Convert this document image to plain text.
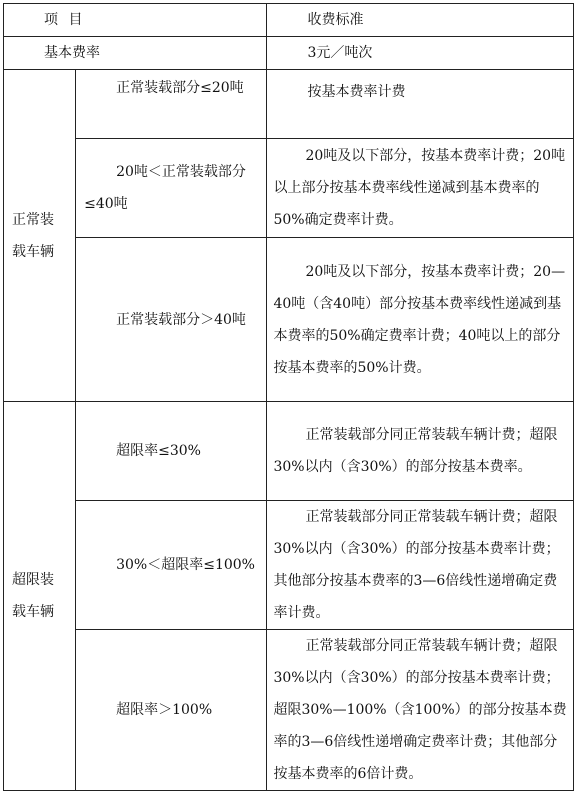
项 目		收费标准
基本费率		3元／吨次
正常装载车辆	正常装载部分≤20吨	按基本费率计费
	20吨＜正常装载部分≤40吨	20吨及以下部分，按基本费率计费；20吨以上部分按基本费率线性递减到基本费率的50%确定费率计费。
	正常装载部分＞40吨	20吨及以下部分，按基本费率计费；20—40吨（含40吨）部分按基本费率线性递减到基本费率的50%确定费率计费；40吨以上的部分按基本费率的50%计费。
超限装载车辆	超限率≤30%	正常装载部分同正常装载车辆计费；超限30%以内（含30%）的部分按基本费率。
	30%＜超限率≤100%	正常装载部分同正常装载车辆计费；超限30%以内（含30%）的部分按基本费率计费；其他部分按基本费率的3—6倍线性递增确定费率计费。
	超限率＞100%	正常装载部分同正常装载车辆计费；超限30%以内（含30%）的部分按基本费率计费；超限30%—100%（含100%）的部分按基本费率的3—6倍线性递增确定费率计费；其他部分按基本费率的6倍计费。
